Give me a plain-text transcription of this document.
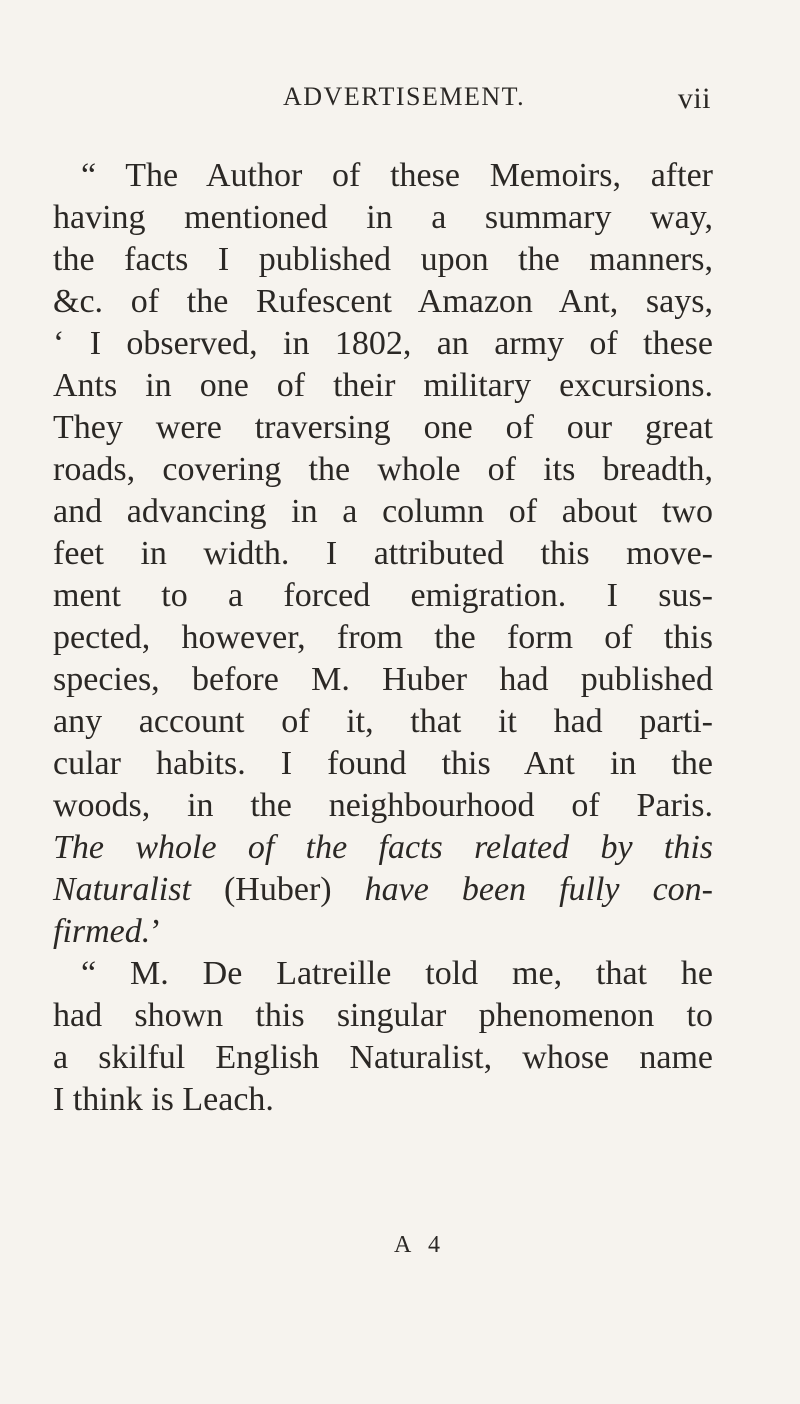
ADVERTISEMENT.	vii
“ The Author of these Memoirs, after
having mentioned in a summary way,
the facts I published upon the manners,
&c. of the Rufescent Amazon Ant, says,
‘ I observed, in 1802, an army of these
Ants in one of their military excursions.
They were traversing one of our great
roads, covering the whole of its breadth,
and advancing in a column of about two
feet in width. I attributed this move-
ment to a forced emigration. I sus-
pected, however, from the form of this
species, before M. Huber had published
any account of it, that it had parti-
cular habits. I found this Ant in the
woods, in the neighbourhood of Paris.
The whole of the facts related by this
Naturalist (Huber) have been fully con-
firmed.’
“ M. De Latreille told me, that he
had shown this singular phenomenon to
a skilful English Naturalist, whose name
I think is Leach.
A 4
